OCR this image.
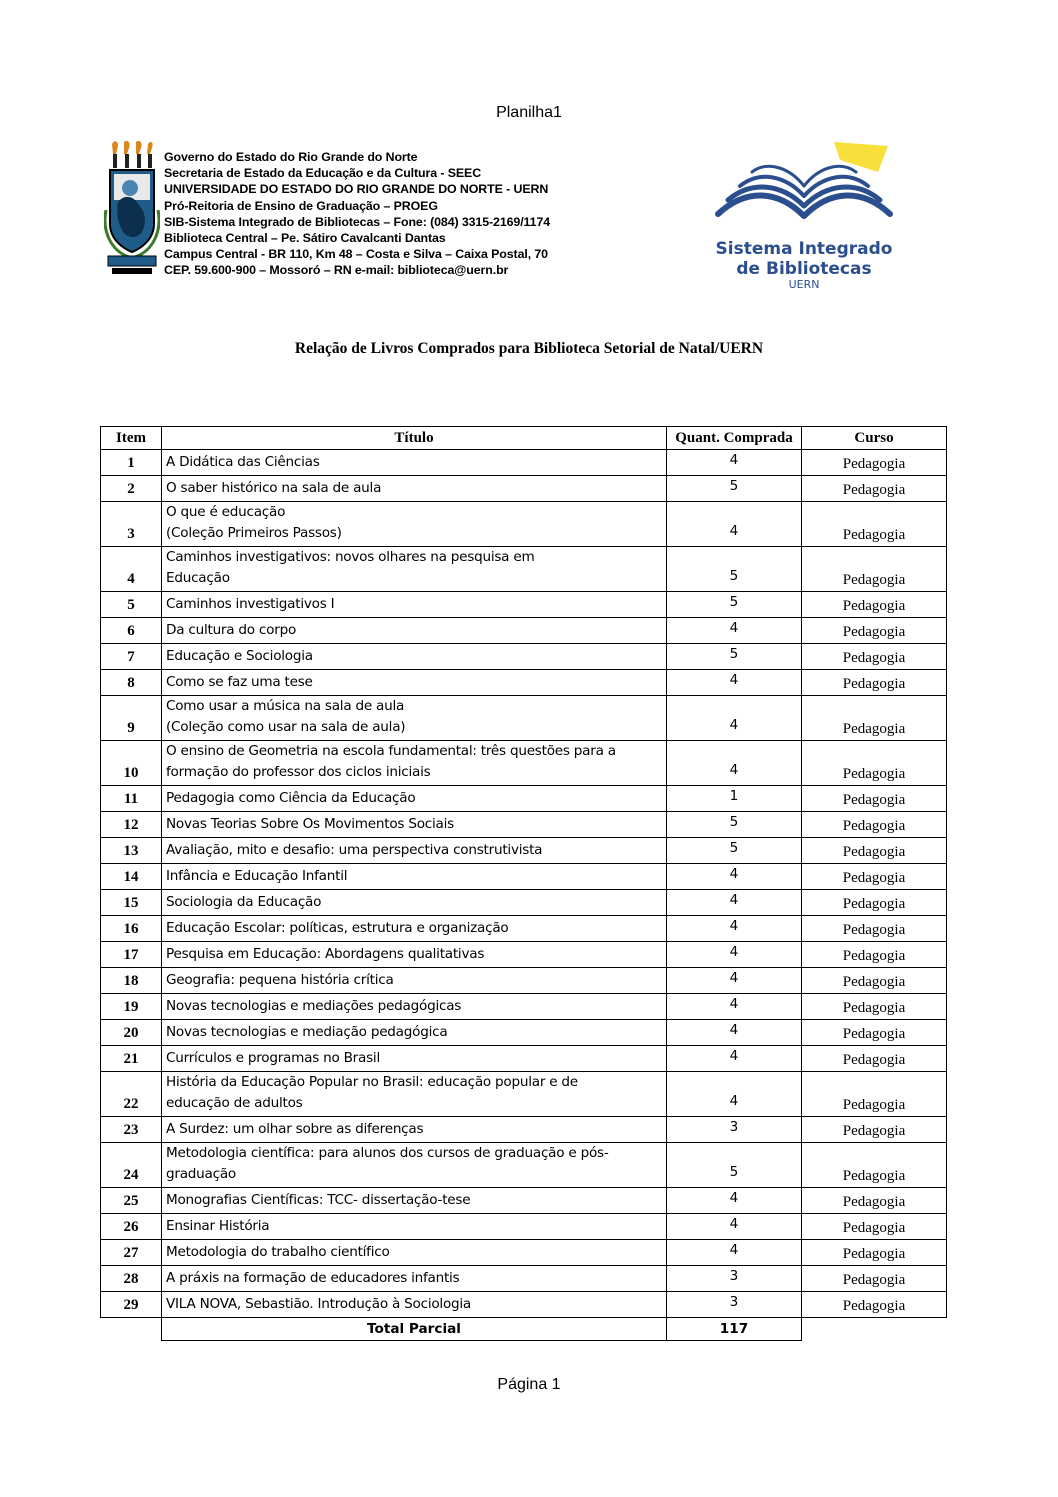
Planilha1
Governo do Estado do Rio Grande do Norte
Secretaria de Estado da Educação e da Cultura - SEEC
UNIVERSIDADE DO ESTADO DO RIO GRANDE DO NORTE - UERN
Pró-Reitoria de Ensino de Graduação – PROEG
SIB-Sistema Integrado de Bibliotecas – Fone: (084) 3315-2169/1174
Biblioteca Central – Pe. Sátiro Cavalcanti Dantas
Campus Central - BR 110, Km 48 – Costa e Silva – Caixa Postal, 70
CEP. 59.600-900 – Mossoró – RN e-mail: biblioteca@uern.br
Sistema Integrado
de Bibliotecas
UERN
Relação de Livros Comprados para Biblioteca Setorial de Natal/UERN
Item	Título	Quant. Comprada	Curso
1	A Didática das Ciências	4	Pedagogia
2	O saber histórico na sala de aula	5	Pedagogia
3	O que é educação
(Coleção Primeiros Passos)	4	Pedagogia
4	Caminhos investigativos: novos olhares na pesquisa em
Educação	5	Pedagogia
5	Caminhos investigativos I	5	Pedagogia
6	Da cultura do corpo	4	Pedagogia
7	Educação e Sociologia	5	Pedagogia
8	Como se faz uma tese	4	Pedagogia
9	Como usar a música na sala de aula
(Coleção como usar na sala de aula)	4	Pedagogia
10	O ensino de Geometria na escola fundamental: três questões para a
formação do professor dos ciclos iniciais	4	Pedagogia
11	Pedagogia como Ciência da Educação	1	Pedagogia
12	Novas Teorias Sobre Os Movimentos Sociais	5	Pedagogia
13	Avaliação, mito e desafio: uma perspectiva construtivista	5	Pedagogia
14	Infância e Educação Infantil	4	Pedagogia
15	Sociologia da Educação	4	Pedagogia
16	Educação Escolar: políticas, estrutura e organização	4	Pedagogia
17	Pesquisa em Educação: Abordagens qualitativas	4	Pedagogia
18	Geografia: pequena história crítica	4	Pedagogia
19	Novas tecnologias e mediações pedagógicas	4	Pedagogia
20	Novas tecnologias e mediação pedagógica	4	Pedagogia
21	Currículos e programas no Brasil	4	Pedagogia
22	História da Educação Popular no Brasil: educação popular e de
educação de adultos	4	Pedagogia
23	A Surdez: um olhar sobre as diferenças	3	Pedagogia
24	Metodologia científica: para alunos dos cursos de graduação e pós-
graduação	5	Pedagogia
25	Monografias Científicas: TCC- dissertação-tese	4	Pedagogia
26	Ensinar História	4	Pedagogia
27	Metodologia do trabalho científico	4	Pedagogia
28	A práxis na formação de educadores infantis	3	Pedagogia
29	VILA NOVA, Sebastião. Introdução à Sociologia	3	Pedagogia
	Total Parcial	117	
Página 1
